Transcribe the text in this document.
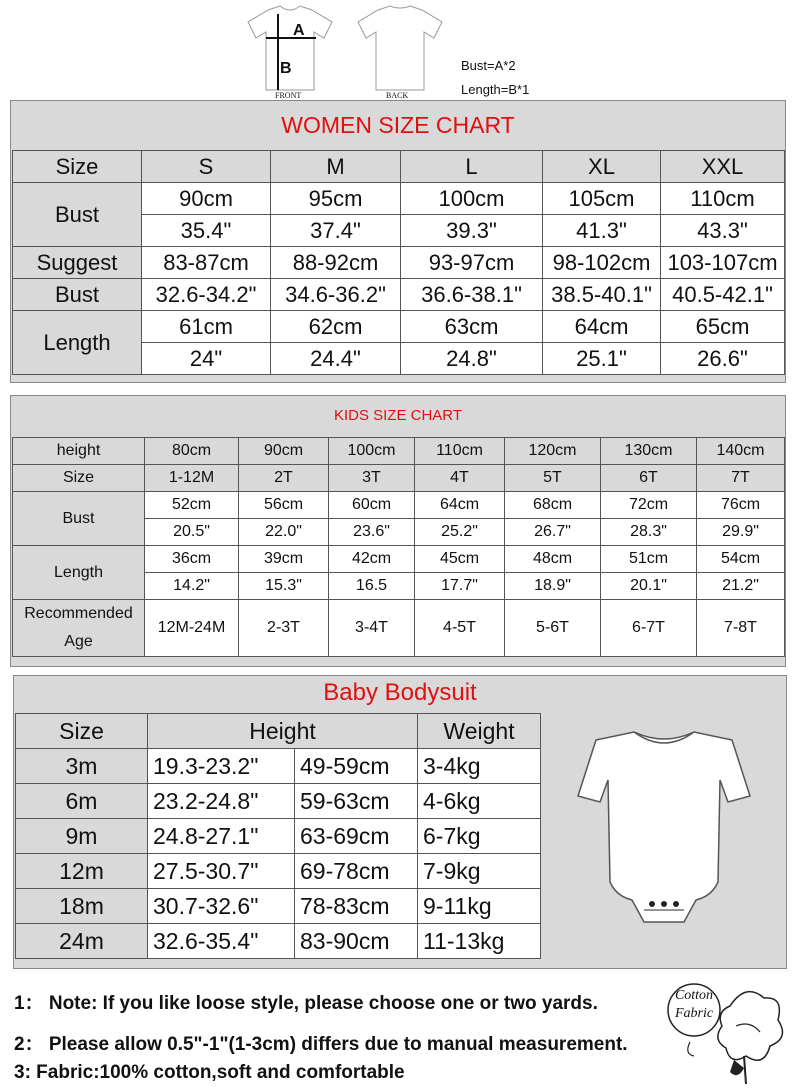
A
B
FRONT	BACK
Bust=A*2
Length=B*1
WOMEN SIZE CHART
Size	S	M	L	XL	XXL
Bust	90cm	95cm	100cm	105cm	110cm
	35.4"	37.4"	39.3"	41.3"	43.3"
Suggest	83-87cm	88-92cm	93-97cm	98-102cm	103-107cm
Bust	32.6-34.2"	34.6-36.2"	36.6-38.1"	38.5-40.1"	40.5-42.1"
Length	61cm	62cm	63cm	64cm	65cm
	24"	24.4"	24.8"	25.1"	26.6"
KIDS SIZE CHART
height	80cm	90cm	100cm	110cm	120cm	130cm	140cm
Size	1-12M	2T	3T	4T	5T	6T	7T
Bust	52cm	56cm	60cm	64cm	68cm	72cm	76cm
	20.5"	22.0"	23.6"	25.2"	26.7"	28.3"	29.9"
Length	36cm	39cm	42cm	45cm	48cm	51cm	54cm
	14.2"	15.3"	16.5	17.7"	18.9"	20.1"	21.2"

Recommended
Age	12M-24M	2-3T	3-4T	4-5T	5-6T	6-7T	7-8T
Baby Bodysuit
Size	Height		Weight
3m	19.3-23.2"	49-59cm	3-4kg
6m	23.2-24.8"	59-63cm	4-6kg
9m	24.8-27.1"	63-69cm	6-7kg
12m	27.5-30.7"	69-78cm	7-9kg
18m	30.7-32.6"	78-83cm	9-11kg
24m	32.6-35.4"	83-90cm	11-13kg
1： Note: If you like loose style, please choose one or two yards.
2： Please allow 0.5"-1"(1-3cm) differs due to manual measurement.
3: Fabric:100% cotton,soft and comfortable
Cotton
Fabric
